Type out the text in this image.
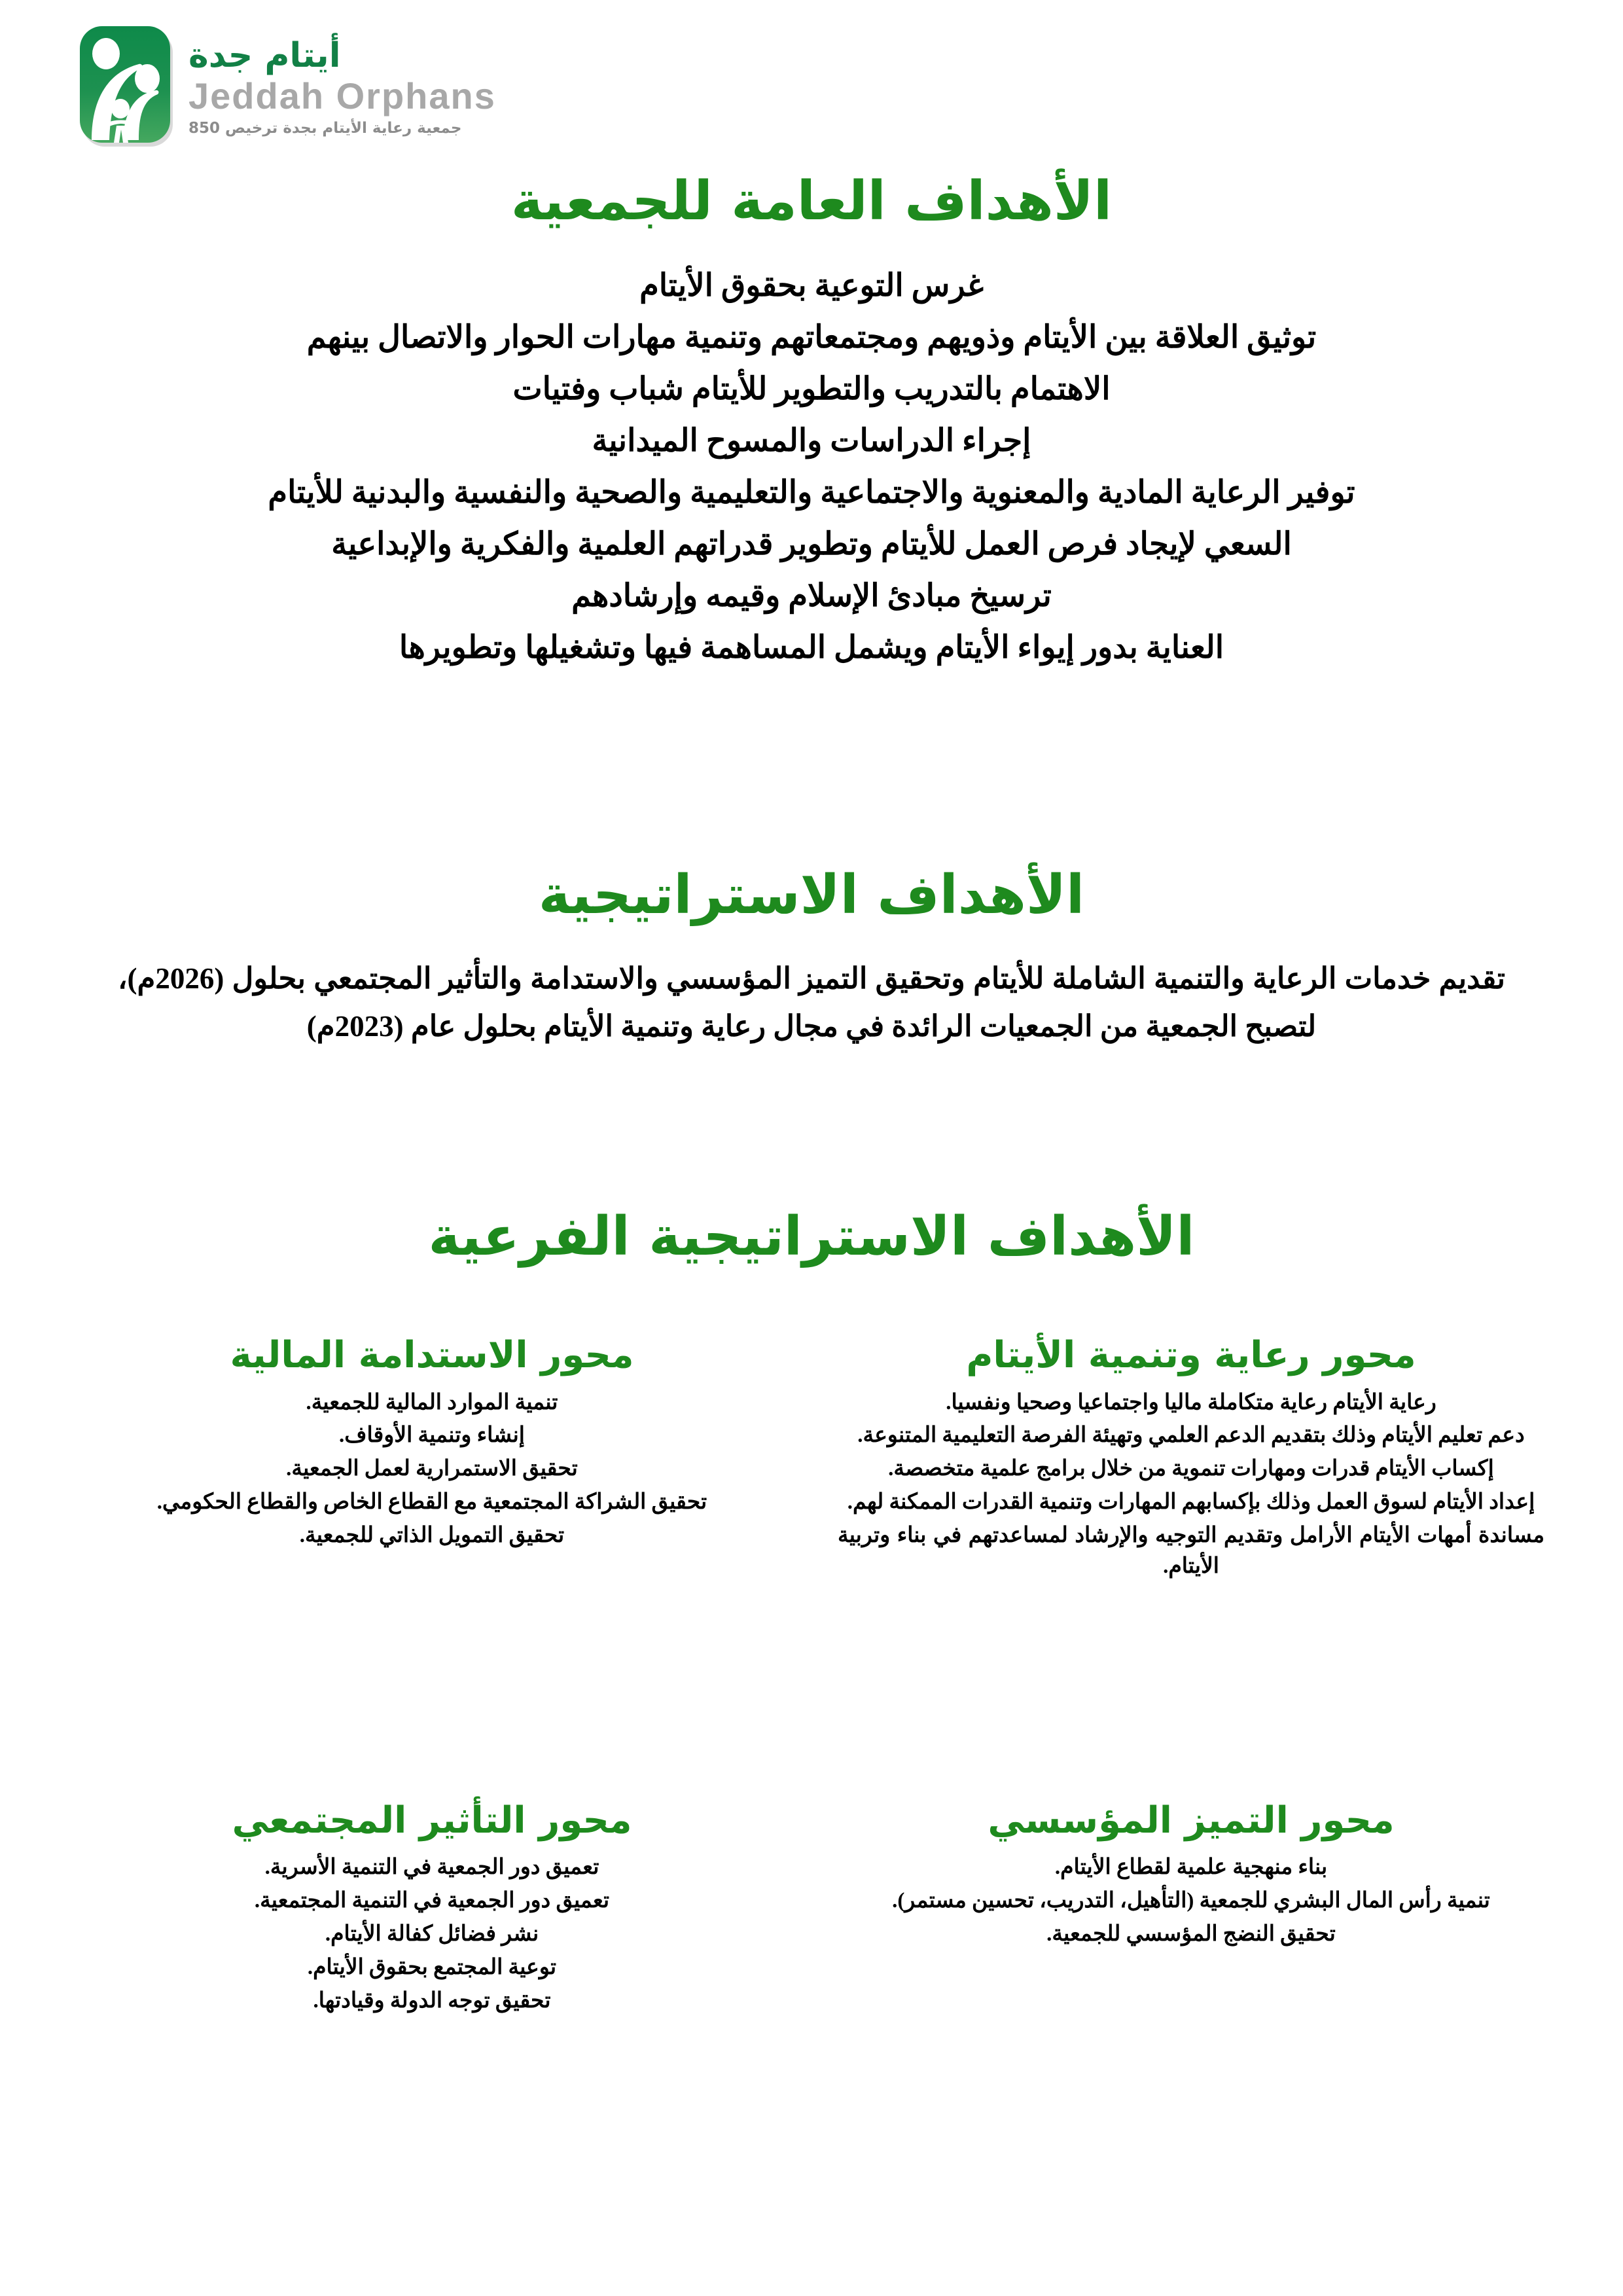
أيتام جدة
Jeddah Orphans
جمعية رعاية الأيتام بجدة ترخيص 850
الأهداف العامة للجمعية

غرس التوعية بحقوق الأيتام

توثيق العلاقة بين الأيتام وذويهم ومجتمعاتهم وتنمية مهارات الحوار والاتصال بينهم

الاهتمام بالتدريب والتطوير للأيتام شباب وفتيات

إجراء الدراسات والمسوح الميدانية

توفير الرعاية المادية والمعنوية والاجتماعية والتعليمية والصحية والنفسية والبدنية للأيتام

السعي لإيجاد فرص العمل للأيتام وتطوير قدراتهم العلمية والفكرية والإبداعية

ترسيخ مبادئ الإسلام وقيمه وإرشادهم

العناية بدور إيواء الأيتام ويشمل المساهمة فيها وتشغيلها وتطويرها

الأهداف الاستراتيجية
تقديم خدمات الرعاية والتنمية الشاملة للأيتام وتحقيق التميز المؤسسي والاستدامة والتأثير المجتمعي بحلول (2026م)، لتصبح الجمعية من الجمعيات الرائدة في مجال رعاية وتنمية الأيتام بحلول عام (2023م)
الأهداف الاستراتيجية الفرعية
محور رعاية وتنمية الأيتام

رعاية الأيتام رعاية متكاملة ماليا واجتماعيا وصحيا ونفسيا.

دعم تعليم الأيتام وذلك بتقديم الدعم العلمي وتهيئة الفرصة التعليمية المتنوعة.

إكساب الأيتام قدرات ومهارات تنموية من خلال برامج علمية متخصصة.

إعداد الأيتام لسوق العمل وذلك بإكسابهم المهارات وتنمية القدرات الممكنة لهم.

مساندة أمهات الأيتام الأرامل وتقديم التوجيه والإرشاد لمساعدتهم في بناء وتربية الأيتام.

محور الاستدامة المالية

تنمية الموارد المالية للجمعية.

إنشاء وتنمية الأوقاف.

تحقيق الاستمرارية لعمل الجمعية.

تحقيق الشراكة المجتمعية مع القطاع الخاص والقطاع الحكومي.

تحقيق التمويل الذاتي للجمعية.

محور التميز المؤسسي

بناء منهجية علمية لقطاع الأيتام.

تنمية رأس المال البشري للجمعية (التأهيل، التدريب، تحسين مستمر).

تحقيق النضج المؤسسي للجمعية.

محور التأثير المجتمعي

تعميق دور الجمعية في التنمية الأسرية.

تعميق دور الجمعية في التنمية المجتمعية.

نشر فضائل كفالة الأيتام.

توعية المجتمع بحقوق الأيتام.

تحقيق توجه الدولة وقيادتها.
